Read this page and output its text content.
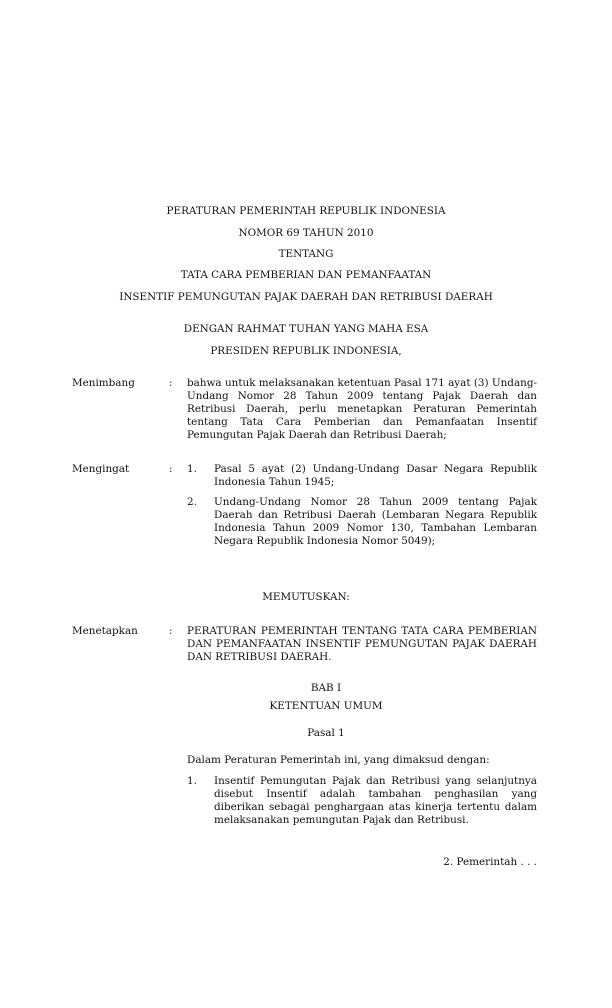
PERATURAN PEMERINTAH REPUBLIK INDONESIA
NOMOR 69 TAHUN 2010
TENTANG
TATA CARA PEMBERIAN DAN PEMANFAATAN
INSENTIF PEMUNGUTAN PAJAK DAERAH DAN RETRIBUSI DAERAH
DENGAN RAHMAT TUHAN YANG MAHA ESA
PRESIDEN REPUBLIK INDONESIA,
Menimbang	: bahwa untuk melaksanakan ketentuan Pasal 171 ayat (3) Undang-Undang Nomor 28 Tahun 2009 tentang Pajak Daerah dan Retribusi Daerah, perlu menetapkan Peraturan Pemerintah tentang Tata Cara Pemberian dan Pemanfaatan Insentif Pemungutan Pajak Daerah dan Retribusi Daerah;
Mengingat	: 1. Pasal 5 ayat (2) Undang-Undang Dasar Negara Republik Indonesia Tahun 1945;
2. Undang-Undang Nomor 28 Tahun 2009 tentang Pajak Daerah dan Retribusi Daerah (Lembaran Negara Republik Indonesia Tahun 2009 Nomor 130, Tambahan Lembaran Negara Republik Indonesia Nomor 5049);
MEMUTUSKAN:
Menetapkan	: PERATURAN PEMERINTAH TENTANG TATA CARA PEMBERIAN DAN PEMANFAATAN INSENTIF PEMUNGUTAN PAJAK DAERAH DAN RETRIBUSI DAERAH.
BAB I
KETENTUAN UMUM
Pasal 1
Dalam Peraturan Pemerintah ini, yang dimaksud dengan:
1. Insentif Pemungutan Pajak dan Retribusi yang selanjutnya disebut Insentif adalah tambahan penghasilan yang diberikan sebagai penghargaan atas kinerja tertentu dalam melaksanakan pemungutan Pajak dan Retribusi.
2. Pemerintah . . .
